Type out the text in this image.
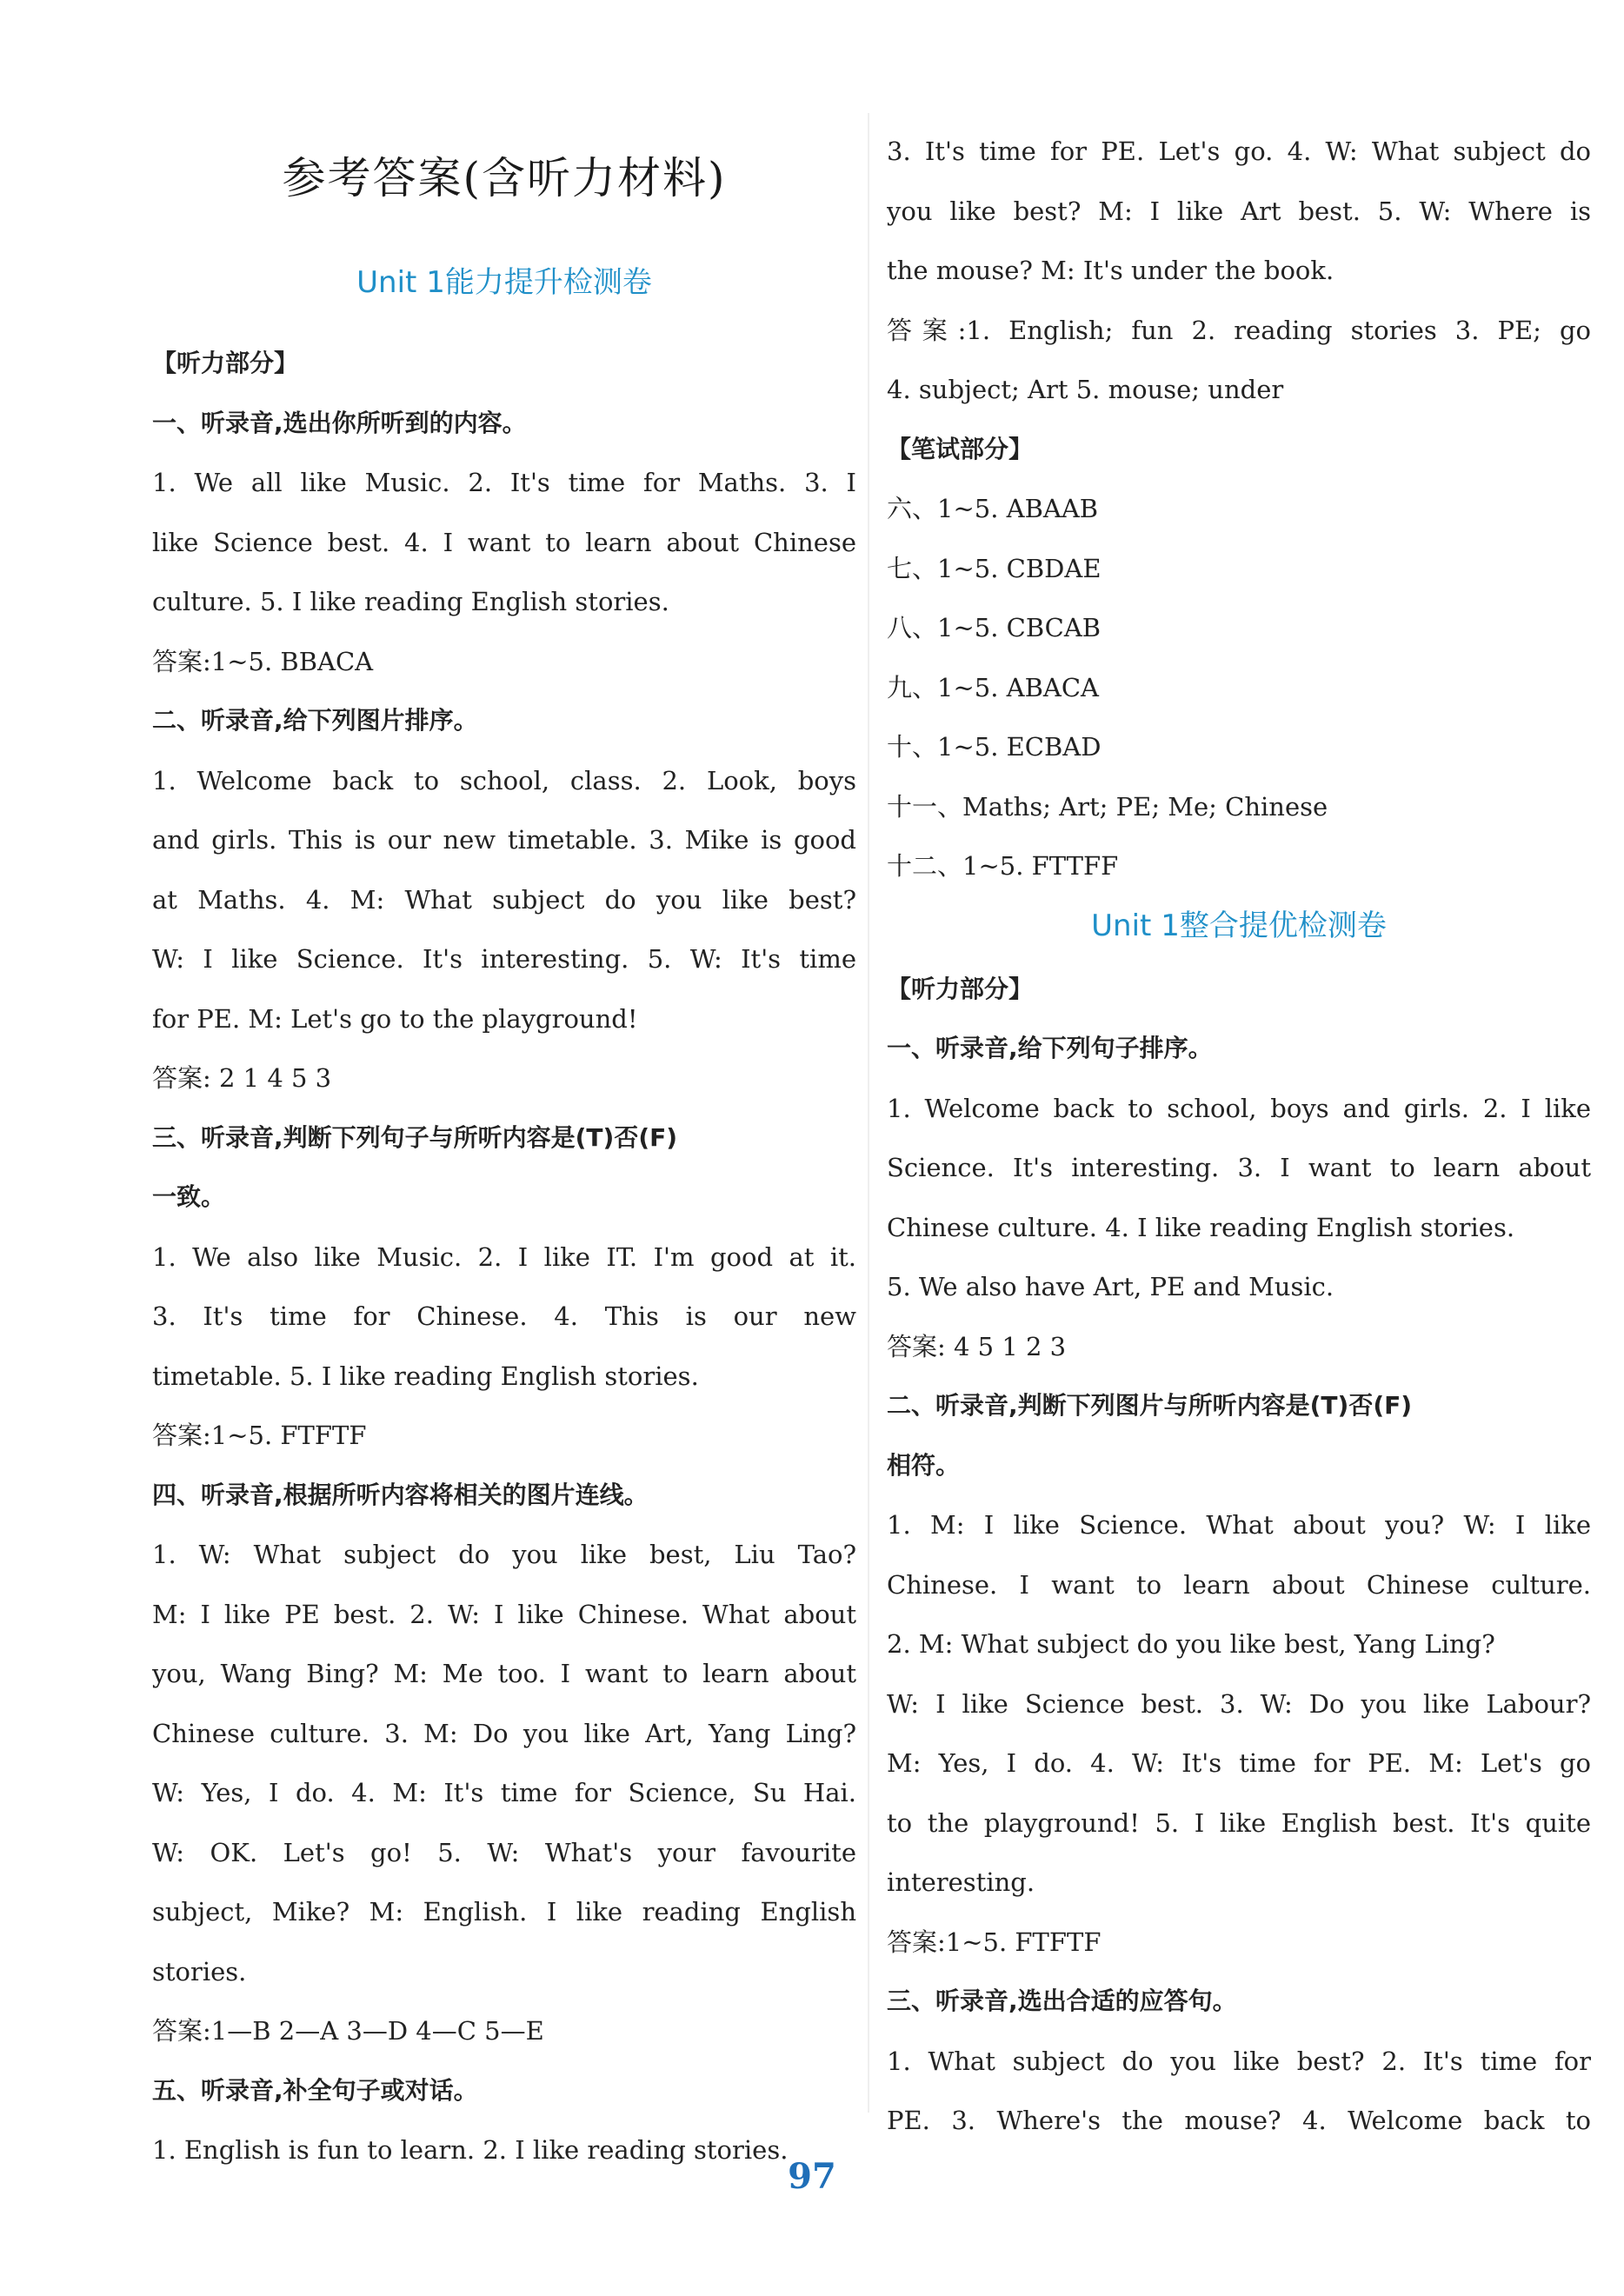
参考答案(含听力材料)
Unit 1能力提升检测卷
【听力部分】
一、听录音,选出你所听到的内容。
1. We all like Music. 2. It's time for Maths. 3. I
like Science best. 4. I want to learn about Chinese
culture. 5. I like reading English stories.
答案:1~5. BBACA
二、听录音,给下列图片排序。
1. Welcome back to school, class. 2. Look, boys
and girls. This is our new timetable. 3. Mike is good
at Maths. 4. M: What subject do you like best?
W: I like Science. It's interesting. 5. W: It's time
for PE. M: Let's go to the playground!
答案: 2 1 4 5 3
三、听录音,判断下列句子与所听内容是(T)否(F)
一致。
1. We also like Music. 2. I like IT. I'm good at it.
3. It's time for Chinese. 4. This is our new
timetable. 5. I like reading English stories.
答案:1~5. FTFTF
四、听录音,根据所听内容将相关的图片连线。
1. W: What subject do you like best, Liu Tao?
M: I like PE best. 2. W: I like Chinese. What about
you, Wang Bing? M: Me too. I want to learn about
Chinese culture. 3. M: Do you like Art, Yang Ling?
W: Yes, I do. 4. M: It's time for Science, Su Hai.
W: OK. Let's go! 5. W: What's your favourite
subject, Mike? M: English. I like reading English
stories.
答案:1—B 2—A 3—D 4—C 5—E
五、听录音,补全句子或对话。
1. English is fun to learn. 2. I like reading stories.
3. It's time for PE. Let's go. 4. W: What subject do
you like best? M: I like Art best. 5. W: Where is
the mouse? M: It's under the book.
答案:1. English; fun 2. reading stories 3. PE; go
4. subject; Art 5. mouse; under
【笔试部分】
六、1~5. ABAAB
七、1~5. CBDAE
八、1~5. CBCAB
九、1~5. ABACA
十、1~5. ECBAD
十一、Maths; Art; PE; Me; Chinese
十二、1~5. FTTFF
Unit 1整合提优检测卷
【听力部分】
一、听录音,给下列句子排序。
1. Welcome back to school, boys and girls. 2. I like
Science. It's interesting. 3. I want to learn about
Chinese culture. 4. I like reading English stories.
5. We also have Art, PE and Music.
答案: 4 5 1 2 3
二、听录音,判断下列图片与所听内容是(T)否(F)
相符。
1. M: I like Science. What about you? W: I like
Chinese. I want to learn about Chinese culture.
2. M: What subject do you like best, Yang Ling?
W: I like Science best. 3. W: Do you like Labour?
M: Yes, I do. 4. W: It's time for PE. M: Let's go
to the playground! 5. I like English best. It's quite
interesting.
答案:1~5. FTFTF
三、听录音,选出合适的应答句。
1. What subject do you like best? 2. It's time for
PE. 3. Where's the mouse? 4. Welcome back to
97
